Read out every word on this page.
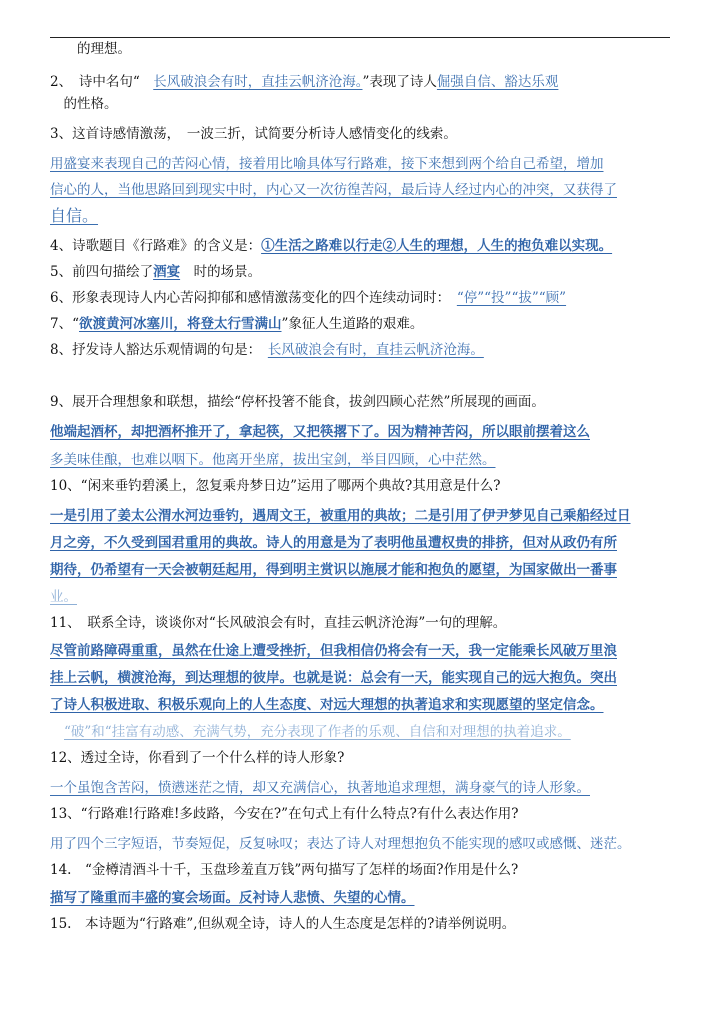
　　的理想。
2、　诗中名句“　长风破浪会有时，直挂云帆济沧海。”表现了诗人倔强自信、豁达乐观
　的性格。
3、这首诗感情激荡，　一波三折，试简要分析诗人感情变化的线索。
用盛宴来表现自己的苦闷心情，接着用比喻具体写行路难，接下来想到两个给自己希望，增加
信心的人，当他思路回到现实中时，内心又一次彷徨苦闷，最后诗人经过内心的冲突，又获得了
自信。
4、诗歌题目《行路难》的含义是：①生活之路难以行走②人生的理想，人生的抱负难以实现。
5、前四句描绘了酒宴　时的场景。
6、形象表现诗人内心苦闷抑郁和感情激荡变化的四个连续动词时：　“停”“投”“拔”“顾”
7、“欲渡黄河冰塞川，将登太行雪满山”象征人生道路的艰难。
8、抒发诗人豁达乐观情调的句是：　长风破浪会有时，直挂云帆济沧海。
9、展开合理想象和联想，描绘“停杯投箸不能食，拔剑四顾心茫然”所展现的画面。
他端起酒杯，却把酒杯推开了，拿起筷，又把筷撂下了。因为精神苦闷，所以眼前摆着这么
多美味佳酿，也难以咽下。他离开坐席，拔出宝剑，举目四顾，心中茫然。
10、“闲来垂钓碧溪上，忽复乘舟梦日边”运用了哪两个典故?其用意是什么?
一是引用了姜太公渭水河边垂钓，遇周文王，被重用的典故；二是引用了伊尹梦见自己乘船经过日
月之旁，不久受到国君重用的典故。诗人的用意是为了表明他虽遭权贵的排挤，但对从政仍有所
期待，仍希望有一天会被朝廷起用，得到明主赏识以施展才能和抱负的愿望，为国家做出一番事
业。
11、　联系全诗，谈谈你对“长风破浪会有时，直挂云帆济沧海”一句的理解。
尽管前路障碍重重，虽然在仕途上遭受挫折，但我相信仍将会有一天，我一定能乘长风破万里浪
挂上云帆，横渡沧海，到达理想的彼岸。也就是说：总会有一天，能实现自己的远大抱负。突出
了诗人积极进取、积极乐观向上的人生态度、对远大理想的执著追求和实现愿望的坚定信念。
“破”和“挂富有动感、充满气势，充分表现了作者的乐观、自信和对理想的执着追求。
12、透过全诗，你看到了一个什么样的诗人形象?
一个虽饱含苦闷，愤懑迷茫之情，却又充满信心，执著地追求理想，满身豪气的诗人形象。
13、“行路难!行路难!多歧路，今安在?”在句式上有什么特点?有什么表达作用?
用了四个三字短语，节奏短促，反复咏叹；表达了诗人对理想抱负不能实现的感叹或感慨、迷茫。
14.　“金樽清酒斗十千，玉盘珍羞直万钱”两句描写了怎样的场面?作用是什么?
描写了隆重而丰盛的宴会场面。反衬诗人悲愤、失望的心情。
15.　本诗题为“行路难”,但纵观全诗，诗人的人生态度是怎样的?请举例说明。
